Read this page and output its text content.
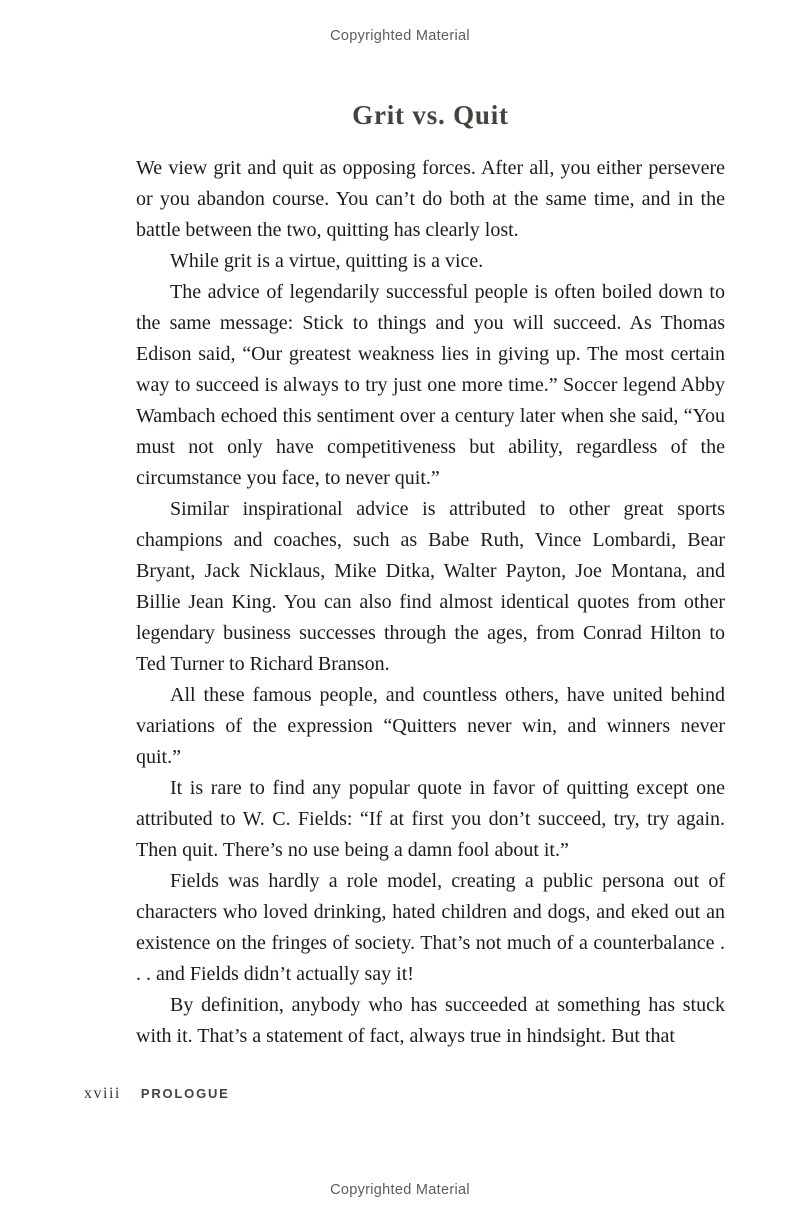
Copyrighted Material
Grit vs. Quit

We view grit and quit as opposing forces. After all, you either persevere or you abandon course. You can’t do both at the same time, and in the battle between the two, quitting has clearly lost.

While grit is a virtue, quitting is a vice.

The advice of legendarily successful people is often boiled down to the same message: Stick to things and you will succeed. As Thomas Edison said, “Our greatest weakness lies in giving up. The most certain way to succeed is always to try just one more time.” Soccer legend Abby Wambach echoed this sentiment over a century later when she said, “You must not only have competitiveness but ability, regardless of the circumstance you face, to never quit.”

Similar inspirational advice is attributed to other great sports champions and coaches, such as Babe Ruth, Vince Lombardi, Bear Bryant, Jack Nicklaus, Mike Ditka, Walter Payton, Joe Montana, and Billie Jean King. You can also find almost identical quotes from other legendary business successes through the ages, from Conrad Hilton to Ted Turner to Richard Branson.

All these famous people, and countless others, have united behind variations of the expression “Quitters never win, and winners never quit.”

It is rare to find any popular quote in favor of quitting except one attributed to W. C. Fields: “If at first you don’t succeed, try, try again. Then quit. There’s no use being a damn fool about it.”

Fields was hardly a role model, creating a public persona out of characters who loved drinking, hated children and dogs, and eked out an existence on the fringes of society. That’s not much of a counterbalance . . . and Fields didn’t actually say it!

By definition, anybody who has succeeded at something has stuck with it. That’s a statement of fact, always true in hindsight. But that

xviii PROLOGUE
Copyrighted Material
